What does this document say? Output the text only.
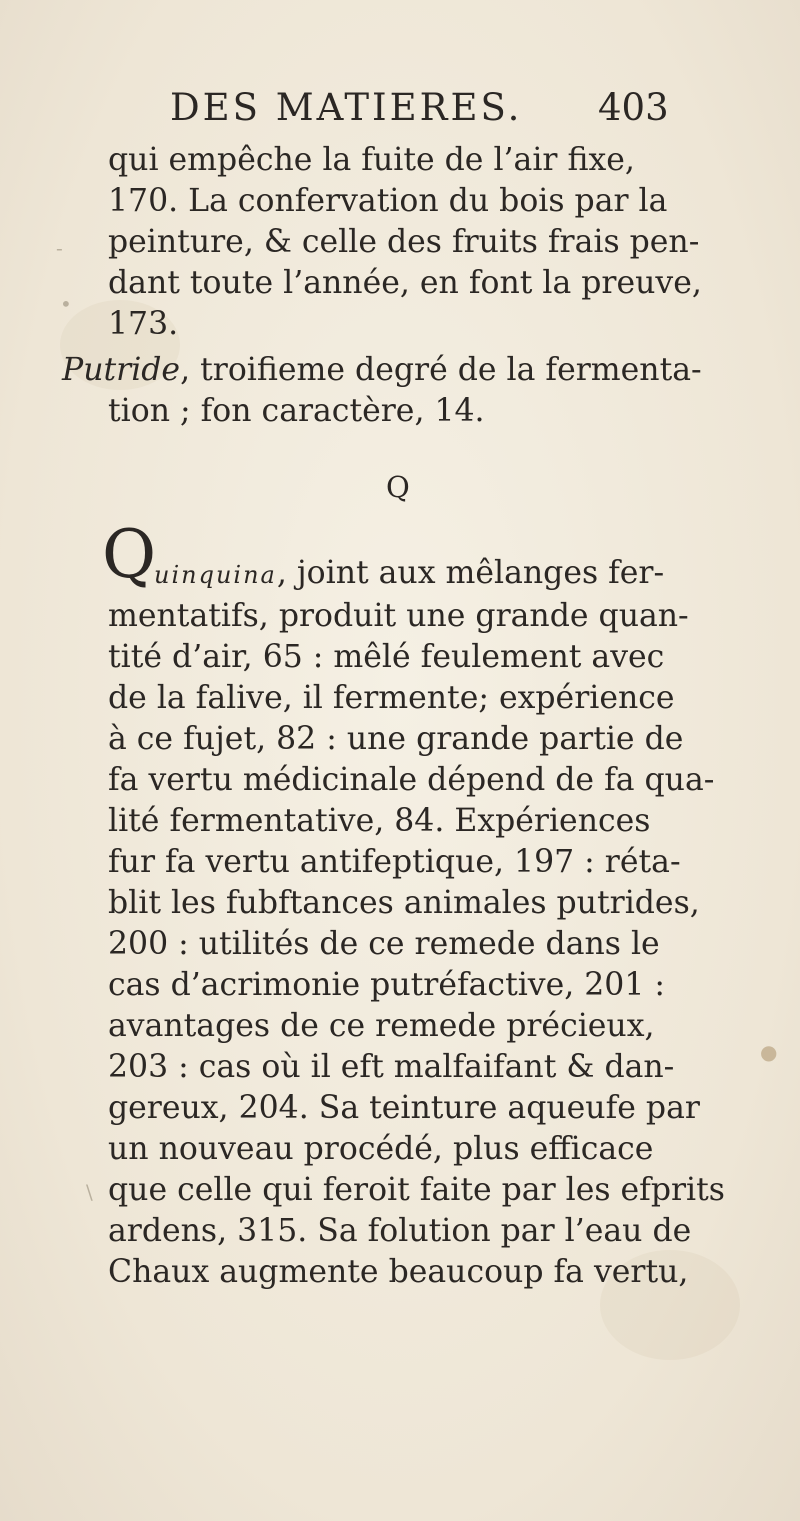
DES MATIERES. 403
qui empêche la fuite de l’air fixe,
170. La confervation du bois par la
peinture, & celle des fruits frais pen-
dant toute l’année, en font la preuve,
173.
Putride, troifieme degré de la fermenta-
tion ; fon caractère, 14.
Q
Q
uinquina, joint aux mêlanges fer-
mentatifs, produit une grande quan-
tité d’air, 65 : mêlé feulement avec
de la falive, il fermente; expérience
à ce fujet, 82 : une grande partie de
fa vertu médicinale dépend de fa qua-
lité fermentative, 84. Expériences
fur fa vertu antifeptique, 197 : réta-
blit les fubftances animales putrides,
200 : utilités de ce remede dans le
cas d’acrimonie putréfactive, 201 :
avantages de ce remede précieux,
203 : cas où il eft malfaifant & dan-
gereux, 204. Sa teinture aqueufe par
un nouveau procédé, plus efficace
que celle qui feroit faite par les efprits
ardens, 315. Sa folution par l’eau de
Chaux augmente beaucoup fa vertu,
•
-
●
\
